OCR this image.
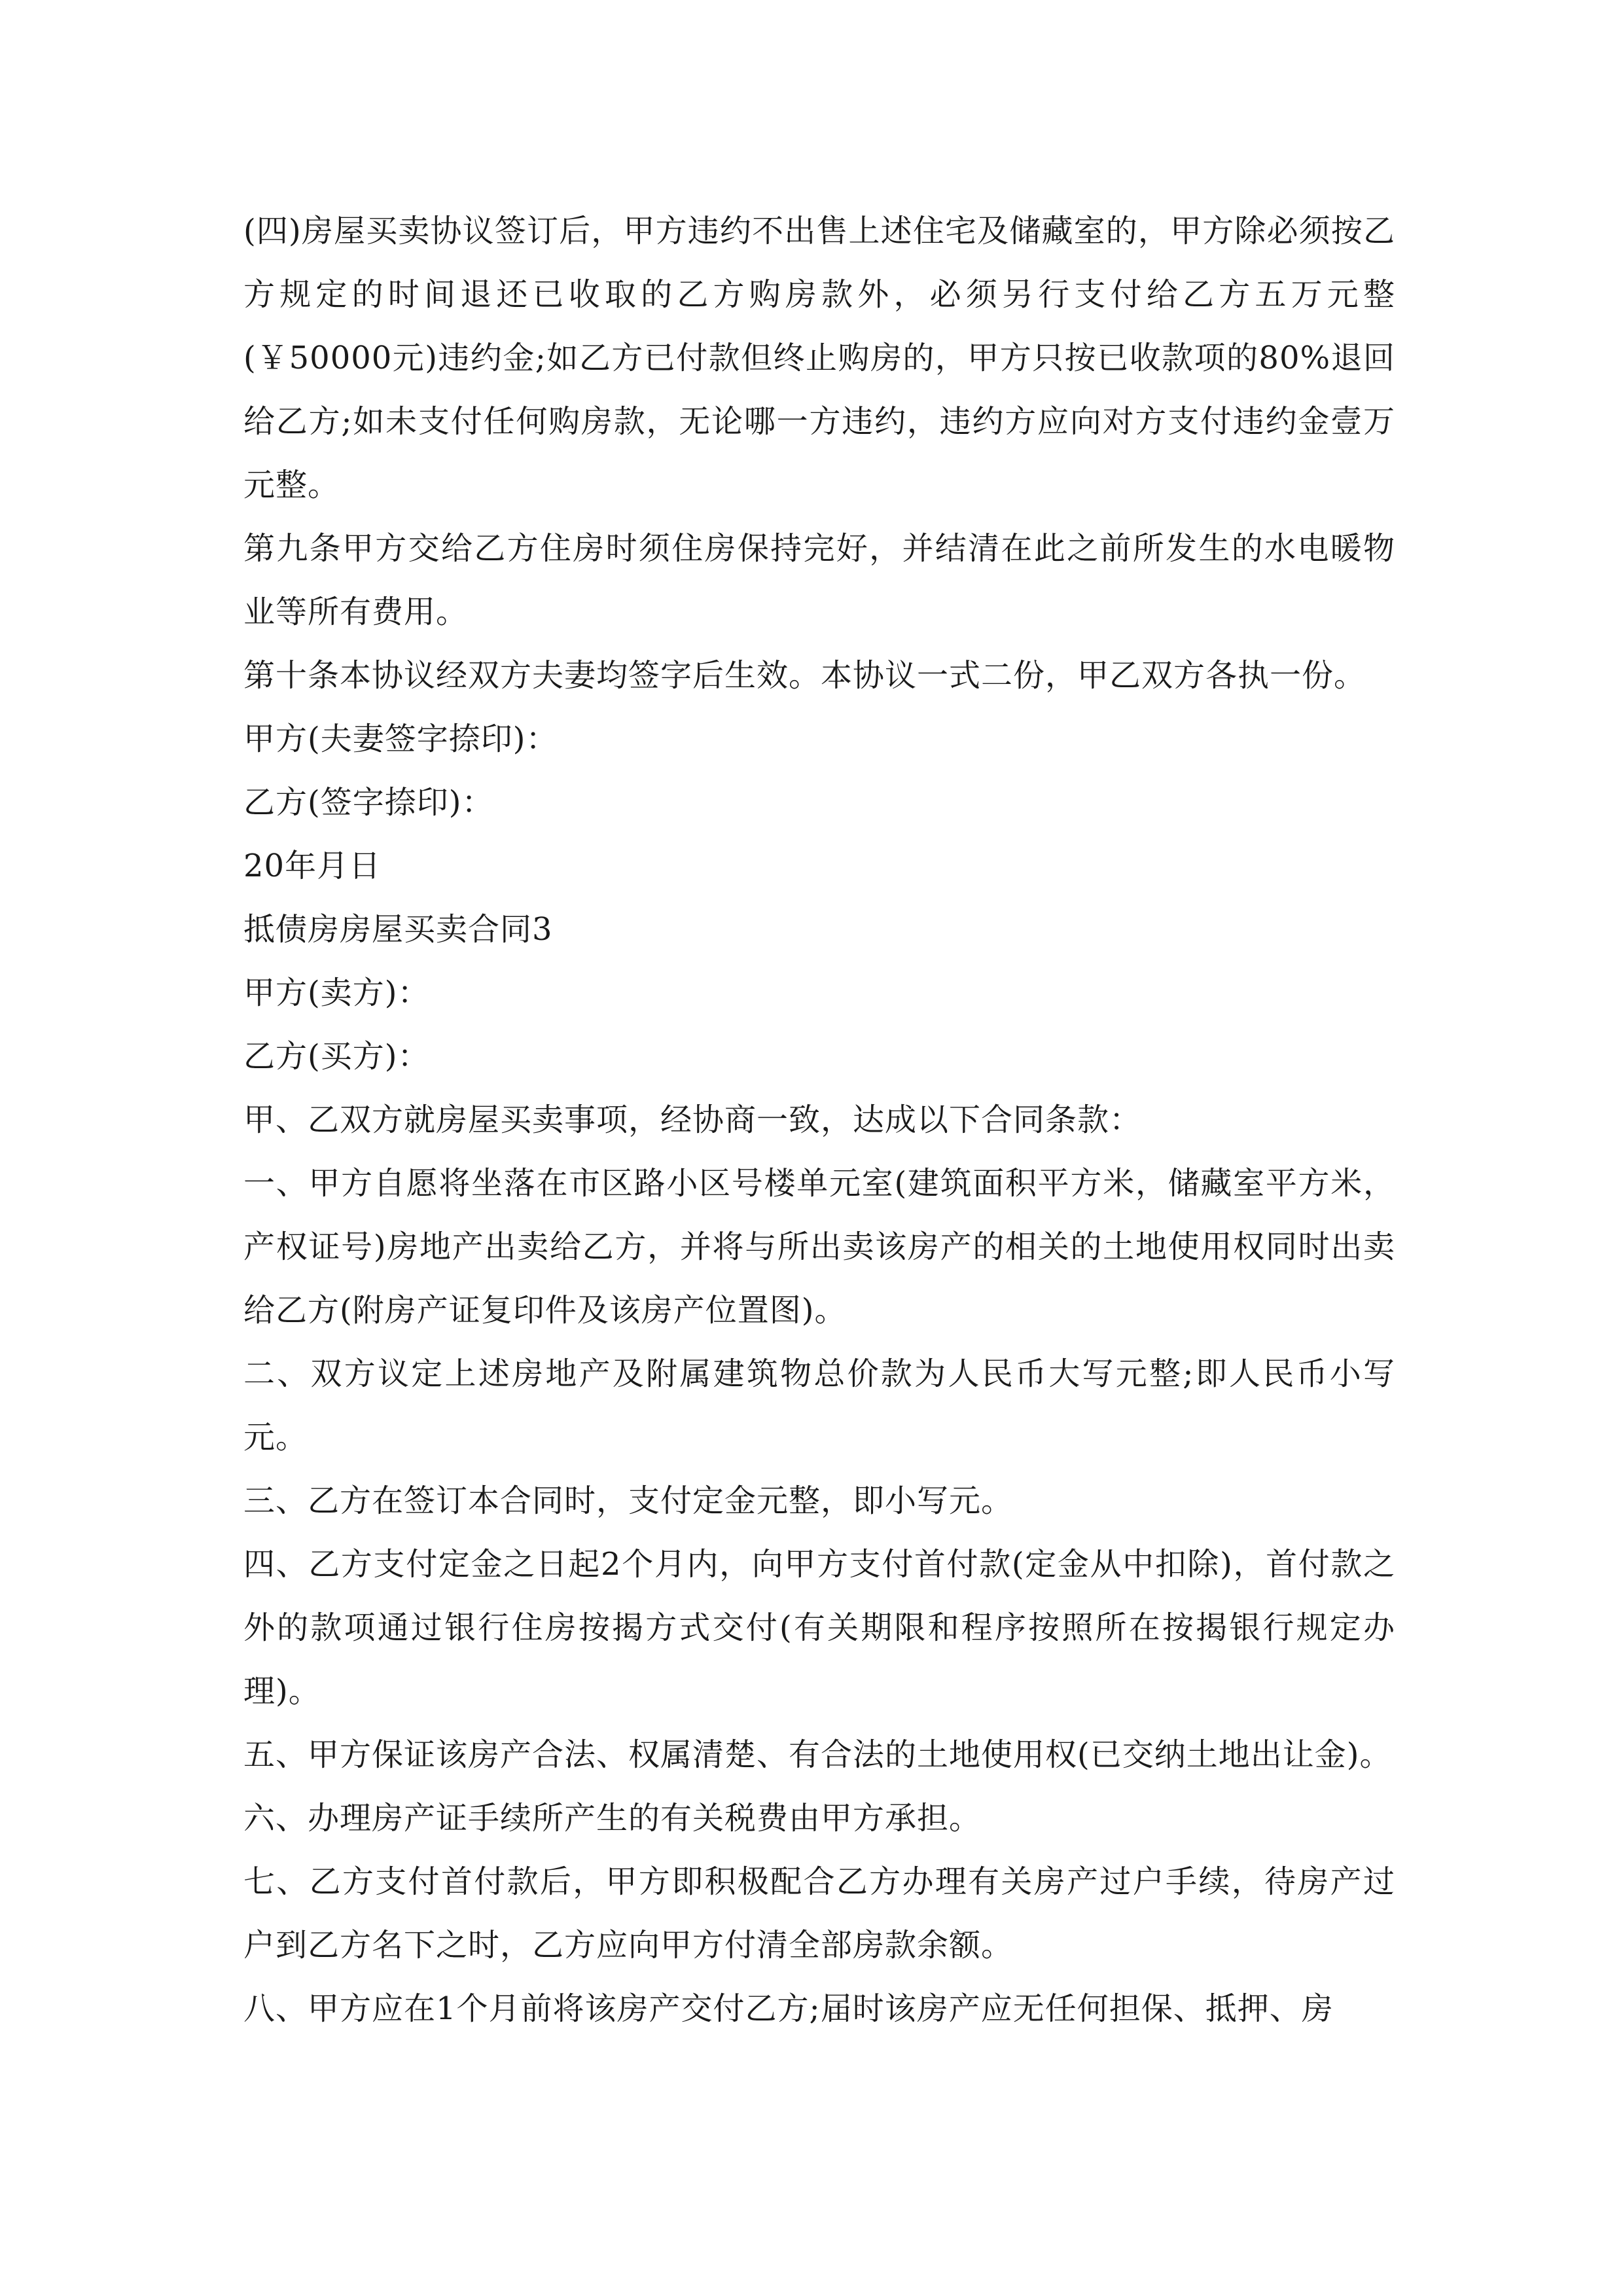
(四)房屋买卖协议签订后，甲方违约不出售上述住宅及储藏室的，甲方除必须按乙方规定的时间退还已收取的乙方购房款外，必须另行支付给乙方五万元整(￥50000元)违约金;如乙方已付款但终止购房的，甲方只按已收款项的80%退回给乙方;如未支付任何购房款，无论哪一方违约，违约方应向对方支付违约金壹万元整。

第九条甲方交给乙方住房时须住房保持完好，并结清在此之前所发生的水电暖物业等所有费用。

第十条本协议经双方夫妻均签字后生效。本协议一式二份，甲乙双方各执一份。

甲方(夫妻签字捺印)：

乙方(签字捺印)：

20年月日

抵债房房屋买卖合同3

甲方(卖方)：

乙方(买方)：

甲、乙双方就房屋买卖事项，经协商一致，达成以下合同条款：

一、甲方自愿将坐落在市区路小区号楼单元室(建筑面积平方米，储藏室平方米，产权证号)房地产出卖给乙方，并将与所出卖该房产的相关的土地使用权同时出卖给乙方(附房产证复印件及该房产位置图)。

二、双方议定上述房地产及附属建筑物总价款为人民币大写元整;即人民币小写元。

三、乙方在签订本合同时，支付定金元整，即小写元。

四、乙方支付定金之日起2个月内，向甲方支付首付款(定金从中扣除)，首付款之外的款项通过银行住房按揭方式交付(有关期限和程序按照所在按揭银行规定办理)。

五、甲方保证该房产合法、权属清楚、有合法的土地使用权(已交纳土地出让金)。

六、办理房产证手续所产生的有关税费由甲方承担。

七、乙方支付首付款后，甲方即积极配合乙方办理有关房产过户手续，待房产过户到乙方名下之时，乙方应向甲方付清全部房款余额。

八、甲方应在1个月前将该房产交付乙方;届时该房产应无任何担保、抵押、房
